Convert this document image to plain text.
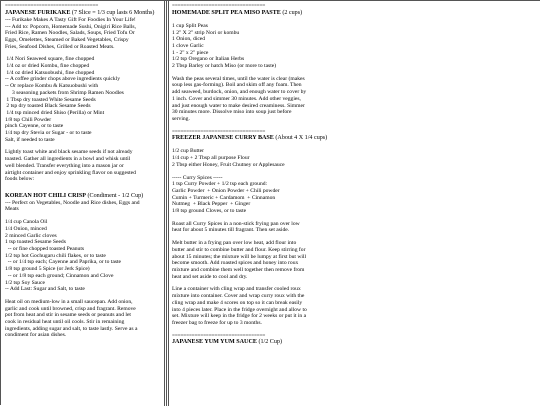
=================================
JAPANESE FURIKAKE (7 Slice = 1/3 cup lasts 6 Months)
--- Furikake Makes A Tasty Gift For Foodies In Your Life!
--- Add to: Popcorn, Homemade Sushi, Onigiri Rice Balls,
Fried Rice, Ramen Noodles, Salads, Soups, Fried Tofu Or
Eggs, Omelettes, Steamed or Baked Vegetables, Crispy
Fries, Seafood Dishes, Grilled or Roasted Meats.
1/4 Nori Seaweed square, fine chopped
1/4 oz or dried Kombu, fine chopped
1/4 oz dried Katsuobushi, fine chopped
-- A coffee grinder chops above ingredients quickly
-- Or replace Kombu & Katsuobushi with
3 seasoning packets from Shrimp Ramen Noodles
1 Tbsp dry toasted White Sesame Seeds
2 tsp dry toasted Black Sesame Seeds
1/4 tsp minced dried Shiso (Perilla) or Mint
1/8 tsp Chili Powder
pinch Cayenne, or to taste
1/4 tsp dry Stevia or Sugar - or to taste
Salt, if needed to taste
Lightly toast white and black sesame seeds if not already
toasted. Gather all ingredients in a bowl and whisk until
well blended. Transfer everything into a mason jar or
airtight container and enjoy sprinkling flavor on suggested
foods below:
KOREAN HOT CHILI CRISP (Condiment - 1/2 Cup)
--- Perfect on Vegetables, Noodle and Rice dishes, Eggs and
Meats
1/4 cup Canola Oil
1/4 Onion, minced
2 minced Garlic cloves
1 tsp toasted Sesame Seeds
-- or fine chopped toasted Peanuts
1/2 tsp hot Gochugaru chili flakes, or to taste
-- or 1/4 tsp each; Cayenne and Paprika, or to taste
1/8 tsp ground 5 Spice (or Jerk Spice)
-- or 1/8 tsp each ground; Cinnamon and Clove
1/2 tsp Soy Sauce
-- Add Last: Sugar and Salt, to taste
Heat oil on medium-low in a small saucepan. Add onion,
garlic and cook until browned, crisp and fragrant. Remove
pot from heat and stir in sesame seeds or peanuts and let
cook in residual heat until oil cools. Stir in remaining
ingredients, adding sugar and salt, to taste lastly. Serve as a
condiment for asian dishes.
=================================
HOMEMADE SPLIT PEA MISO PASTE (2 cups)
1 cup Split Peas
1 2" X 2" strip Nori or kombu
1 Onion, diced
1 clove Garlic
1 - 2" x 2" piece
1/2 tsp Oregano or Italian Herbs
2 Tbsp Barley or hatch Miso (or more to taste)
Wash the peas several times, until the water is clear (makes
soup less gas-forming). Boil and skim off any foam. Then
add seaweed, burdock, onion, and enough water to cover by
1 inch. Cover and simmer 30 minutes. Add other veggies,
and just enough water to make desired creaminess. Simmer
30 minutes more. Dissolve miso into soup just before
serving.
=================================
FREEZER JAPANESE CURRY BASE (About 4 X 1/4 cups)
1/2 cup Butter
1/4 cup + 2 Tbsp all purpose Flour
2 Tbsp either Honey, Fruit Chutney or Applesauce
----- Curry Spices -----
1 tsp Curry Powder + 1/2 tsp each ground:
Garlic Powder  + Onion Powder + Chili powder
Cumin + Turmeric + Cardamom  + Cinnamon
Nutmeg  + Black Pepper  + Ginger
1/8 tsp ground Cloves, or to taste
Roast all Curry Spices in a non-stick frying pan over low
heat for about 5 minutes till fragrant. Then set aside.
Melt butter in a frying pan over low heat, add flour into
butter and stir to combine butter and flour. Keep stirring for
about 15 minutes; the mixture will be lumpy at first but will
become smooth. Add roasted spices and honey into roux
mixture and combine them well together then remove from
heat and set aside to cool and dry.
Line a container with cling wrap and transfer cooled roux
mixture into container. Cover and wrap curry roux with the
cling wrap and make 4 scores on top so it can break easily
into 4 pieces later. Place in the fridge overnight and allow to
set. Mixture will keep in the fridge for 2 weeks or put it in a
freezer bag to freeze for up to 3 months.
=================================
JAPANESE YUM YUM SAUCE (1/2 Cup)
